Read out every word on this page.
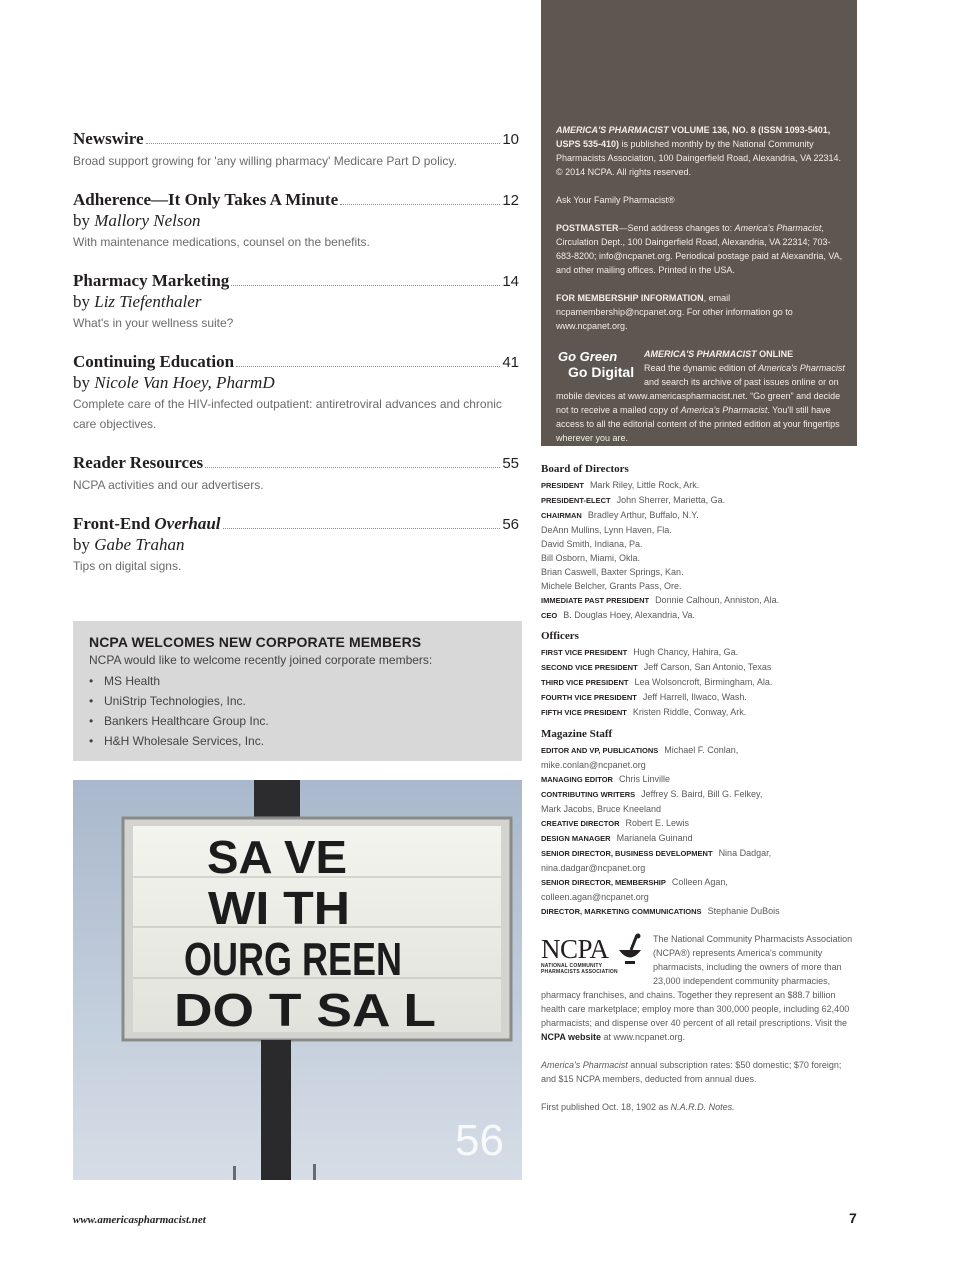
Newswire	10
Broad support growing for 'any willing pharmacy' Medicare Part D policy.
Adherence—It Only Takes A Minute	12
by Mallory Nelson
With maintenance medications, counsel on the benefits.
Pharmacy Marketing	14
by Liz Tiefenthaler
What's in your wellness suite?
Continuing Education	41
by Nicole Van Hoey, PharmD
Complete care of the HIV-infected outpatient: antiretroviral advances and chronic care objectives.
Reader Resources	55
NCPA activities and our advertisers.
Front-End Overhaul	56
by Gabe Trahan
Tips on digital signs.
NCPA WELCOMES NEW CORPORATE MEMBERS
NCPA would like to welcome recently joined corporate members:
• MS Health
• UniStrip Technologies, Inc.
• Bankers Healthcare Group Inc.
• H&H Wholesale Services, Inc.
SA VE
WI TH
OURG REEN
DO T SA L
56

AMERICA'S PHARMACIST VOLUME 136, NO. 8 (ISSN 1093-5401, USPS 535-410) is published monthly by the National Community Pharmacists Association, 100 Daingerfield Road, Alexandria, VA 22314. © 2014 NCPA. All rights reserved.

Ask Your Family Pharmacist®

POSTMASTER—Send address changes to: America's Pharmacist, Circulation Dept., 100 Daingerfield Road, Alexandria, VA 22314; 703-683-8200; info@ncpanet.org. Periodical postage paid at Alexandria, VA, and other mailing offices. Printed in the USA.

FOR MEMBERSHIP INFORMATION, email ncpamembership@ncpanet.org. For other information go to www.ncpanet.org.

Go Green
Go Digital
AMERICA'S PHARMACIST ONLINE
Read the dynamic edition of America's Pharmacist and search its archive of past issues online or on mobile devices at www.americaspharmacist.net. “Go green” and decide not to receive a mailed copy of America's Pharmacist. You'll still have access to all the editorial content of the printed edition at your fingertips wherever you are.
Board of Directors
PRESIDENT Mark Riley, Little Rock, Ark.
PRESIDENT-ELECT John Sherrer, Marietta, Ga.
CHAIRMAN Bradley Arthur, Buffalo, N.Y.
DeAnn Mullins, Lynn Haven, Fla.
David Smith, Indiana, Pa.
Bill Osborn, Miami, Okla.
Brian Caswell, Baxter Springs, Kan.
Michele Belcher, Grants Pass, Ore.
IMMEDIATE PAST PRESIDENT Donnie Calhoun, Anniston, Ala.
CEO B. Douglas Hoey, Alexandria, Va.
Officers
FIRST VICE PRESIDENT Hugh Chancy, Hahira, Ga.
SECOND VICE PRESIDENT Jeff Carson, San Antonio, Texas
THIRD VICE PRESIDENT Lea Wolsoncroft, Birmingham, Ala.
FOURTH VICE PRESIDENT Jeff Harrell, Ilwaco, Wash.
FIFTH VICE PRESIDENT Kristen Riddle, Conway, Ark.
Magazine Staff
EDITOR AND VP, PUBLICATIONS Michael F. Conlan,
mike.conlan@ncpanet.org
MANAGING EDITOR Chris Linville
CONTRIBUTING WRITERS Jeffrey S. Baird, Bill G. Felkey,
Mark Jacobs, Bruce Kneeland
CREATIVE DIRECTOR Robert E. Lewis
DESIGN MANAGER Marianela Guinand
SENIOR DIRECTOR, BUSINESS DEVELOPMENT Nina Dadgar,
nina.dadgar@ncpanet.org
SENIOR DIRECTOR, MEMBERSHIP Colleen Agan,
colleen.agan@ncpanet.org
DIRECTOR, MARKETING COMMUNICATIONS Stephanie DuBois
NCPA
NATIONAL COMMUNITY
PHARMACISTS ASSOCIATION

The National Community Pharmacists Association (NCPA®) represents America's community pharmacists, including the owners of more than 23,000 independent community pharmacies, pharmacy franchises, and chains. Together they represent an $88.7 billion health care marketplace; employ more than 300,000 people, including 62,400 pharmacists; and dispense over 40 percent of all retail prescriptions. Visit the NCPA website at www.ncpanet.org.

America's Pharmacist annual subscription rates: $50 domestic; $70 foreign; and $15 NCPA members, deducted from annual dues.

First published Oct. 18, 1902 as N.A.R.D. Notes.

www.americaspharmacist.net	7
